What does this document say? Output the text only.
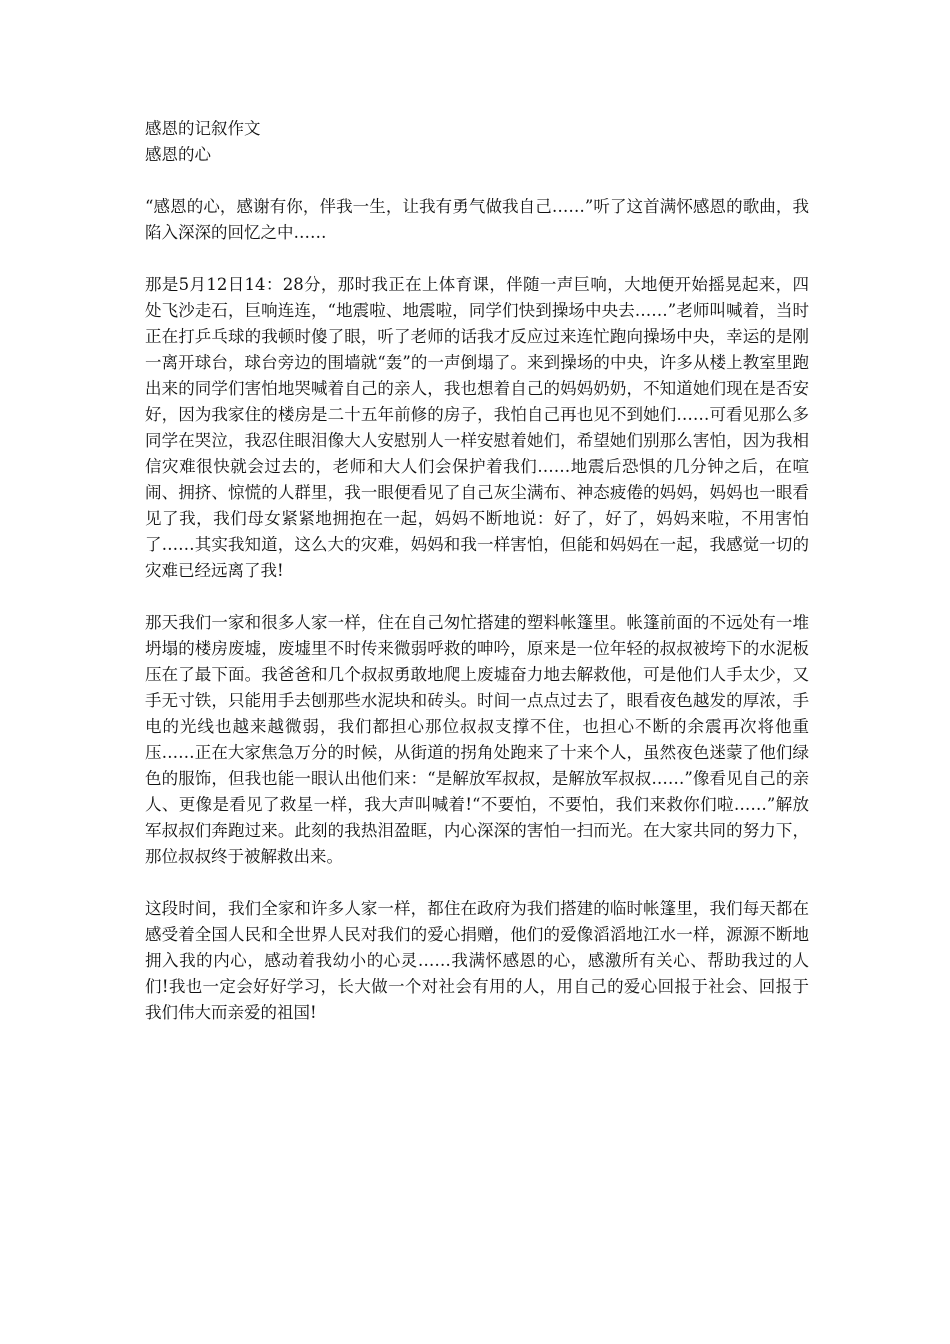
感恩的记叙作文

感恩的心

“感恩的心，感谢有你，伴我一生，让我有勇气做我自己……”听了这首满怀感恩的歌曲，我陷入深深的回忆之中……

那是5月12日14：28分，那时我正在上体育课，伴随一声巨响，大地便开始摇晃起来，四处飞沙走石，巨响连连，“地震啦、地震啦，同学们快到操场中央去……”老师叫喊着，当时正在打乒乓球的我顿时傻了眼，听了老师的话我才反应过来连忙跑向操场中央，幸运的是刚一离开球台，球台旁边的围墙就“轰”的一声倒塌了。来到操场的中央，许多从楼上教室里跑出来的同学们害怕地哭喊着自己的亲人，我也想着自己的妈妈奶奶，不知道她们现在是否安好，因为我家住的楼房是二十五年前修的房子，我怕自己再也见不到她们……可看见那么多同学在哭泣，我忍住眼泪像大人安慰别人一样安慰着她们，希望她们别那么害怕，因为我相信灾难很快就会过去的，老师和大人们会保护着我们……地震后恐惧的几分钟之后，在喧闹、拥挤、惊慌的人群里，我一眼便看见了自己灰尘满布、神态疲倦的妈妈，妈妈也一眼看见了我，我们母女紧紧地拥抱在一起，妈妈不断地说：好了，好了，妈妈来啦，不用害怕了……其实我知道，这么大的灾难，妈妈和我一样害怕，但能和妈妈在一起，我感觉一切的灾难已经远离了我!

那天我们一家和很多人家一样，住在自己匆忙搭建的塑料帐篷里。帐篷前面的不远处有一堆坍塌的楼房废墟，废墟里不时传来微弱呼救的呻吟，原来是一位年轻的叔叔被垮下的水泥板压在了最下面。我爸爸和几个叔叔勇敢地爬上废墟奋力地去解救他，可是他们人手太少，又手无寸铁，只能用手去刨那些水泥块和砖头。时间一点点过去了，眼看夜色越发的厚浓，手电的光线也越来越微弱，我们都担心那位叔叔支撑不住，也担心不断的余震再次将他重压……正在大家焦急万分的时候，从街道的拐角处跑来了十来个人，虽然夜色迷蒙了他们绿色的服饰，但我也能一眼认出他们来：“是解放军叔叔，是解放军叔叔……”像看见自己的亲人、更像是看见了救星一样，我大声叫喊着!“不要怕，不要怕，我们来救你们啦……”解放军叔叔们奔跑过来。此刻的我热泪盈眶，内心深深的害怕一扫而光。在大家共同的努力下，那位叔叔终于被解救出来。

这段时间，我们全家和许多人家一样，都住在政府为我们搭建的临时帐篷里，我们每天都在感受着全国人民和全世界人民对我们的爱心捐赠，他们的爱像滔滔地江水一样，源源不断地拥入我的内心，感动着我幼小的心灵……我满怀感恩的心，感激所有关心、帮助我过的人们!我也一定会好好学习，长大做一个对社会有用的人，用自己的爱心回报于社会、回报于我们伟大而亲爱的祖国!
